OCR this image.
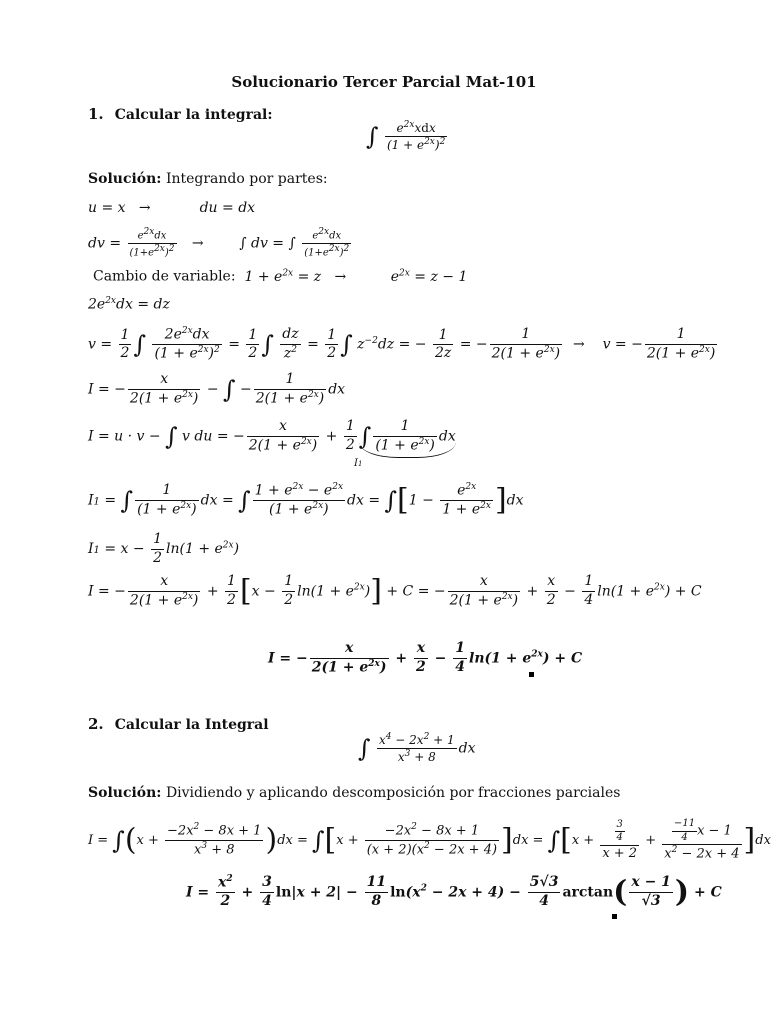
Solucionario Tercer Parcial Mat-101
1. Calcular la integral:
∫	$e^{2x}xdx$
$(1 + e^{2x})^2$
Solución: Integrando por partes:
u = x   →           du = dx
dv =	e2xdx
(1+e2x)2 →	∫ dv = ∫	e2xdx
(1+e2x)2
Cambio de variable:  $1 + e^{2x} = z$   →          $e^{2x} = z - 1$
$2e^{2x}dx$ = dz
$v = \frac{1}{2}$ ∫	$2e^{2x}dx$
$(1 + e^{2x})^2 = \frac{1}{2}$ ∫ $\frac{dz}{z^2} = \frac{1}{2}$ ∫ $z^{-2}dz$ = − $\frac{1}{2z}$ = − $\frac{1}{2(1 + e^{2x})}$ →    v = − $\frac{1}{2(1 + e^{2x})}$
I = − $\frac{x}{2(1 + e^{2x})}$ − ∫ − $\frac{1}{2(1 + e^{2x})}$ dx
I = u · v − ∫ v du = − $\frac{x}{2(1 + e^{2x})} + \frac{1}{2}$ ∫ $\frac{1}{(1 + e^{2x})}$ dx
I1
I1 = ∫ $\frac{1}{(1 + e^{2x})}$ dx = ∫ $\frac{1 + e^{2x} - e^{2x}}{(1 + e^{2x})}$ dx = $\int[1 - \frac{e^{2x}}{1 + e^{2x}} ]dx$
$I1 = x - \frac{1}{2} \ln(1 + e^{2x})$
I = − $\frac{x}{2(1 + e^{2x})} + \frac{1}{2} [x - \frac{1}{2} \ln(1 + e^{2x})] + C$ = − $\frac{x}{2(1 + e^{2x})} + \frac{x}{2} - \frac{1}{4} \ln(1 + e^{2x}) + C$
I = − $\frac{x}{2(1 + e^{2x})} + \frac{x}{2} - \frac{1}{4} \ln(1 + e^{2x}) + C$
2. Calcular la Integral
∫ $\frac{x^4 - 2x^2 + 1}{x^3 + 8}$ dx
Solución: Dividiendo y aplicando descomposición por fracciones parciales
$I = \int(x + \frac{-2x^2 - 8x + 1}{x^3 + 8} )dx = \int[x + \frac{-2x^2 - 8x + 1}{(x + 2)(x^2 - 2x + 4)} ]dx = \int[x + \frac{\frac{3}{4}}{x + 2} + \frac{\frac{-11}{4} x - 1}{x^2 - 2x + 4} ]dx$
$I = \frac{x^2}{2} + \frac{3}{4} \ln|x + 2| - \frac{11}{8} \ln(x^2 - 2x + 4) - \frac{5√3}{4} \arctan( \frac{x - 1}{√3}$ ) + C
